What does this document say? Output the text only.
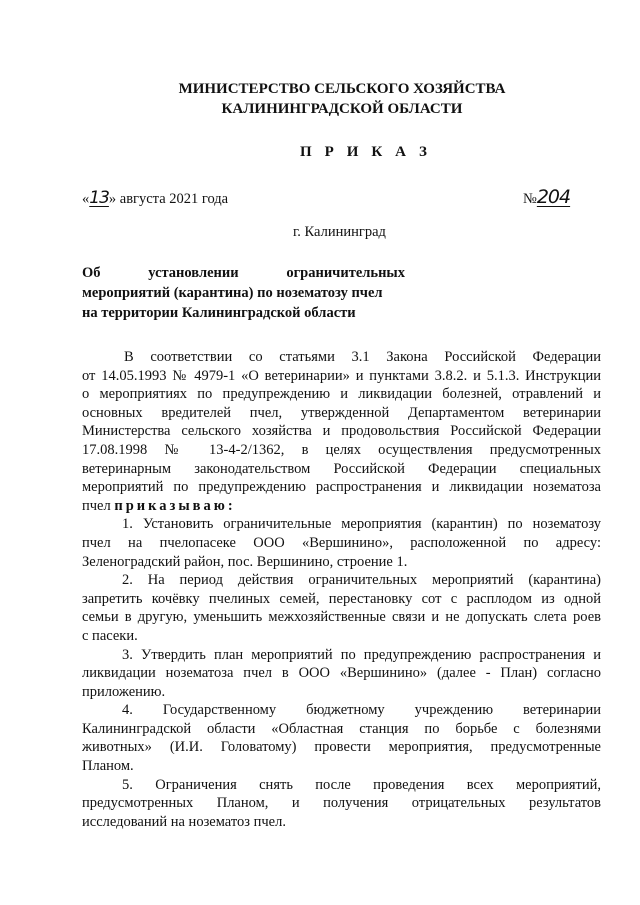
МИНИСТЕРСТВО СЕЛЬСКОГО ХОЗЯЙСТВА
КАЛИНИНГРАДСКОЙ ОБЛАСТИ
П Р И К А З
«13» августа 2021 года	№204
г. Калининград
Об установлении ограничительных
мероприятий (карантина) по нозематозу пчел
на территории Калининградской области
В соответствии со статьями 3.1 Закона Российской Федерации
от 14.05.1993 № 4979-1 «О ветеринарии» и пунктами 3.8.2. и 5.1.3. Инструкции
о мероприятиях по предупреждению и ликвидации болезней, отравлений и
основных вредителей пчел, утвержденной Департаментом ветеринарии
Министерства сельского хозяйства и продовольствия Российской Федерации
17.08.1998 № 13-4-2/1362, в целях осуществления предусмотренных
ветеринарным законодательством Российской Федерации специальных
мероприятий по предупреждению распространения и ликвидации нозематоза
пчел приказываю:
1. Установить ограничительные мероприятия (карантин) по нозематозу
пчел на пчелопасеке ООО «Вершинино», расположенной по адресу:
Зеленоградский район, пос. Вершинино, строение 1.
2. На период действия ограничительных мероприятий (карантина)
запретить кочёвку пчелиных семей, перестановку сот с расплодом из одной
семьи в другую, уменьшить межхозяйственные связи и не допускать слета роев
с пасеки.
3. Утвердить план мероприятий по предупреждению распространения и
ликвидации нозематоза пчел в ООО «Вершинино» (далее - План) согласно
приложению.
4. Государственному бюджетному учреждению ветеринарии
Калининградской области «Областная станция по борьбе с болезнями
животных» (И.И. Головатому) провести мероприятия, предусмотренные
Планом.
5. Ограничения снять после проведения всех мероприятий,
предусмотренных Планом, и получения отрицательных результатов
исследований на нозематоз пчел.
